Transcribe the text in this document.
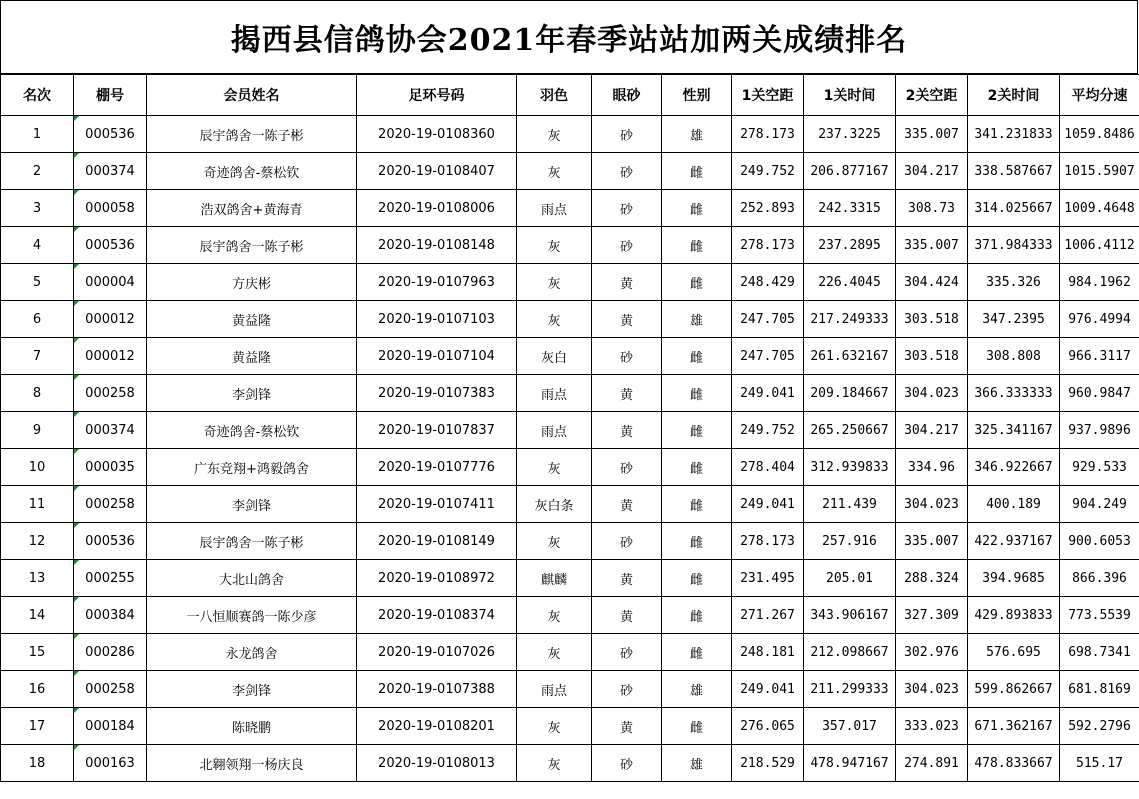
揭西县信鸽协会2021年春季站站加两关成绩排名
名次	棚号	会员姓名	足环号码	羽色	眼砂	性别	1关空距	1关时间	2关空距	2关时间	平均分速
1	000536	辰宇鸽舍一陈子彬	2020-19-0108360	灰	砂	雄	278.173	237.3225	335.007	341.231833	1059.8486
2	000374	奇迹鸽舍-蔡松钦	2020-19-0108407	灰	砂	雌	249.752	206.877167	304.217	338.587667	1015.5907
3	000058	浩双鸽舍+黄海青	2020-19-0108006	雨点	砂	雌	252.893	242.3315	308.73	314.025667	1009.4648
4	000536	辰宇鸽舍一陈子彬	2020-19-0108148	灰	砂	雌	278.173	237.2895	335.007	371.984333	1006.4112
5	000004	方庆彬	2020-19-0107963	灰	黄	雌	248.429	226.4045	304.424	335.326	984.1962
6	000012	黄益隆	2020-19-0107103	灰	黄	雄	247.705	217.249333	303.518	347.2395	976.4994
7	000012	黄益隆	2020-19-0107104	灰白	砂	雌	247.705	261.632167	303.518	308.808	966.3117
8	000258	李剑锋	2020-19-0107383	雨点	黄	雌	249.041	209.184667	304.023	366.333333	960.9847
9	000374	奇迹鸽舍-蔡松钦	2020-19-0107837	雨点	黄	雌	249.752	265.250667	304.217	325.341167	937.9896
10	000035	广东竞翔+鸿毅鸽舍	2020-19-0107776	灰	砂	雌	278.404	312.939833	334.96	346.922667	929.533
11	000258	李剑锋	2020-19-0107411	灰白条	黄	雌	249.041	211.439	304.023	400.189	904.249
12	000536	辰宇鸽舍一陈子彬	2020-19-0108149	灰	砂	雌	278.173	257.916	335.007	422.937167	900.6053
13	000255	大北山鸽舍	2020-19-0108972	麒麟	黄	雌	231.495	205.01	288.324	394.9685	866.396
14	000384	一八恒顺赛鸽一陈少彦	2020-19-0108374	灰	黄	雌	271.267	343.906167	327.309	429.893833	773.5539
15	000286	永龙鸽舍	2020-19-0107026	灰	砂	雌	248.181	212.098667	302.976	576.695	698.7341
16	000258	李剑锋	2020-19-0107388	雨点	砂	雄	249.041	211.299333	304.023	599.862667	681.8169
17	000184	陈晓鹏	2020-19-0108201	灰	黄	雌	276.065	357.017	333.023	671.362167	592.2796
18	000163	北翱领翔一杨庆良	2020-19-0108013	灰	砂	雄	218.529	478.947167	274.891	478.833667	515.17
